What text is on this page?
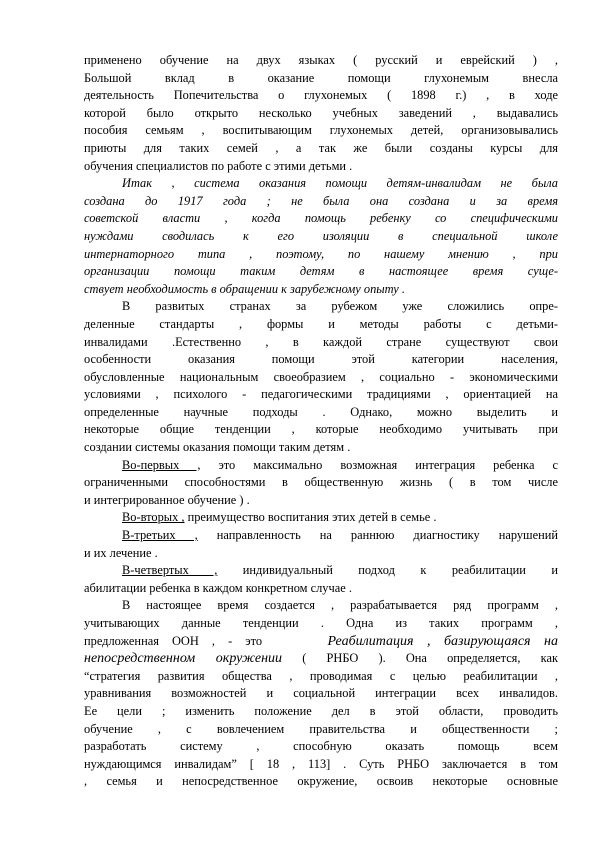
применено обучение на двух языках ( русский и еврейский ) ,
Большой вклад в оказание помощи глухонемым внесла
деятельность Попечительства о глухонемых ( 1898 г.) , в ходе
которой было открыто несколько учебных заведений , выдавались
пособия семьям , воспитывающим глухонемых детей, организовывались
приюты для таких семей , а так же были созданы курсы для
обучения специалистов по работе с этими детьми .
Итак , система оказания помощи детям-инвалидам не была
создана до 1917 года ; не была она создана и за время
советской власти , когда помощь ребенку со специфическими
нуждами сводилась к его изоляции в специальной школе
интернаторного типа , поэтому, по нашему мнению , при
организации помощи таким детям в настоящее время суще-
ствует необходимость в обращении к зарубежному опыту .
В развитых странах за рубежом уже сложились опре-
деленные стандарты , формы и методы работы с детьми-
инвалидами .Естественно , в каждой стране существуют свои
особенности оказания помощи этой категории населения,
обусловленные национальным своеобразием , социально - экономическими
условиями , психолого - педагогическими традициями , ориентацией на
определенные научные подходы . Однако, можно выделить и
некоторые общие тенденции , которые необходимо учитывать при
создании системы оказания помощи таким детям .
Во-первых , это максимально возможная интеграция ребенка с
ограниченными способностями в общественную жизнь ( в том числе
и интегрированное обучение ) .
Во-вторых , преимущество воспитания этих детей в семье .
В-третьих , направленность на раннюю диагностику нарушений
и их лечение .
В-четвертых , индивидуальный подход к реабилитации и
абилитации ребенка в каждом конкретном случае .
В настоящее время создается , разрабатывается ряд программ ,
учитывающих данные тенденции . Одна из таких программ ,
предложенная ООН , - это	Реабилитация , базирующаяся на
непосредственном окружении ( РНБО ). Она определяется, как
“стратегия развития общества , проводимая с целью реабилитации ,
уравнивания возможностей и социальной интеграции всех инвалидов.
Ее цели ; изменить положение дел в этой области, проводить
обучение , с вовлечением правительства и общественности ;
разработать систему , способную оказать помощь всем
нуждающимся инвалидам” [ 18 , 113] . Суть РНБО заключается в том
, семья и непосредственное окружение, освоив некоторые основные
